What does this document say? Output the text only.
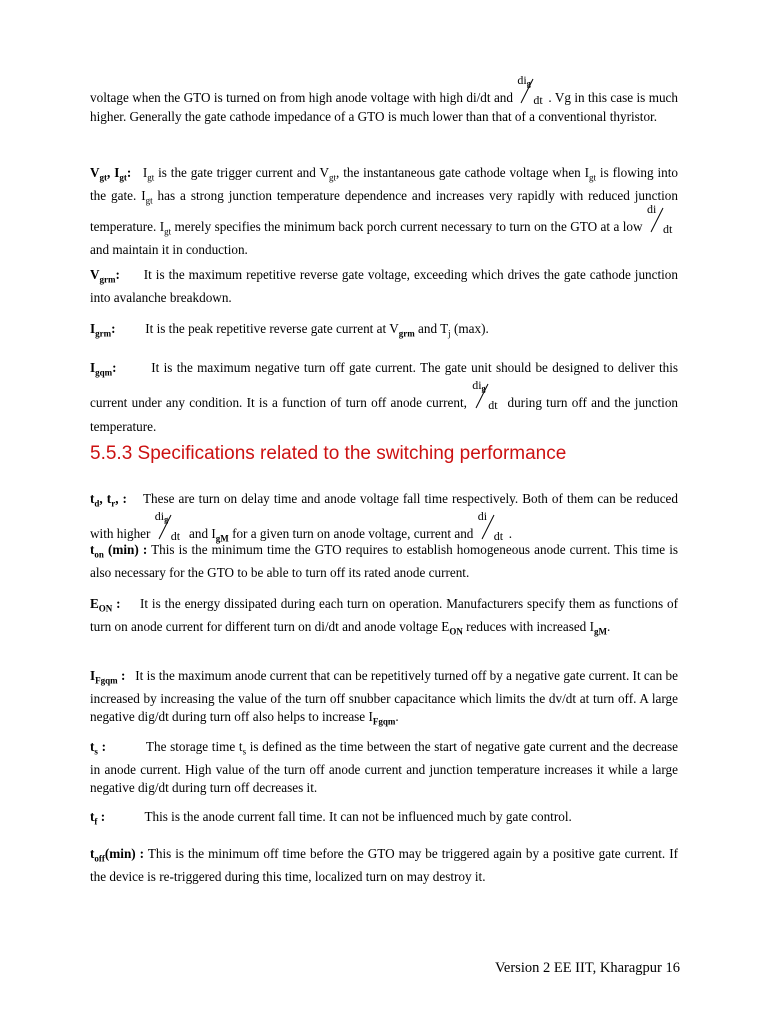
voltage when the GTO is turned on from high anode voltage with high di/dt and
$di_g$
dt . Vg in this case is much higher. Generally the gate cathode impedance of a GTO is much lower than that of a conventional thyristor.

$V_{gt}$, $I_{gt}$:   $I_{gt}$ is the gate trigger current and $V_{gt}$, the instantaneous gate cathode voltage when $I_{gt}$ is flowing into the gate. $I_{gt}$ has a strong junction temperature dependence and increases very rapidly with reduced junction temperature. $I_{gt}$ merely specifies the minimum back porch current necessary to turn on the GTO at a low
di
dt
and maintain it in conduction.

$V_{grm}$: It is the maximum repetitive reverse gate voltage, exceeding which drives the gate cathode junction into avalanche breakdown.

$I_{grm}$: It is the peak repetitive reverse gate current at $V_{grm}$ and $T_j$ (max).

$I_{gqm}$:	It is the maximum negative turn off gate current. The gate unit should be designed to deliver this current under any condition. It is a function of turn off anode current,
$di_g$
dt during turn off and the junction temperature.

5.5.3 Specifications related to the switching performance

$t_d$, $t_r$, : These are turn on delay time and anode voltage fall time respectively. Both of them can be reduced with higher
$di_g$
dt and $I_{gM}$ for a given turn on anode voltage, current and
di
dt .

$t_{on}$ (min) : This is the minimum time the GTO requires to establish homogeneous anode current. This time is also necessary for the GTO to be able to turn off its rated anode current.

$E_{ON}$ : It is the energy dissipated during each turn on operation. Manufacturers specify them as functions of turn on anode current for different turn on di/dt and anode voltage $E_{ON}$ reduces with increased $I_{gM}$.

$I_{Fgqm}$ : It is the maximum anode current that can be repetitively turned off by a negative gate current. It can be increased by increasing the value of the turn off snubber capacitance which limits the dv/dt at turn off. A large negative dig/dt during turn off also helps to increase $I_{Fgqm}$.

$t_s$ :	The storage time $t_s$ is defined as the time between the start of negative gate current and the decrease in anode current. High value of the turn off anode current and junction temperature increases it while a large negative dig/dt during turn off decreases it.

$t_f$ :	This is the anode current fall time. It can not be influenced much by gate control.

$t_{off}(\min)$ : This is the minimum off time before the GTO may be triggered again by a positive gate current. If the device is re-triggered during this time, localized turn on may destroy it.

Version 2 EE IIT, Kharagpur 16
